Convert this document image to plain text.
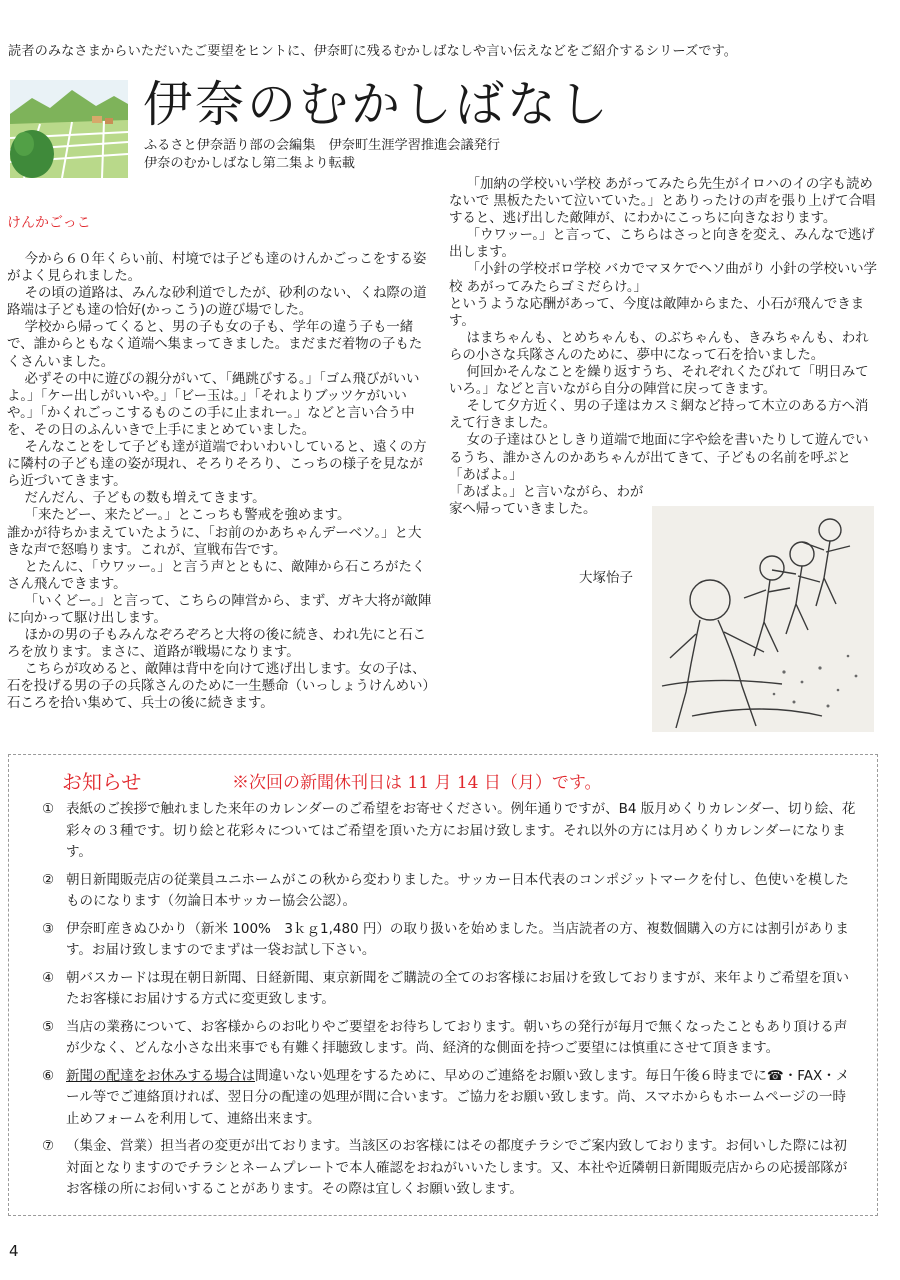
読者のみなさまからいただいたご要望をヒントに、伊奈町に残るむかしばなしや言い伝えなどをご紹介するシリーズです。
伊奈のむかしばなし
ふるさと伊奈語り部の会編集　伊奈町生涯学習推進会議発行
伊奈のむかしばなし第二集より転載
けんかごっこ

今から６０年くらい前、村境では子ども達のけんかごっこをする姿がよく見られました。

その頃の道路は、みんな砂利道でしたが、砂利のない、くね際の道路端は子ども達の恰好(かっこう)の遊び場でした。

学校から帰ってくると、男の子も女の子も、学年の違う子も一緒で、誰からともなく道端へ集まってきました。まだまだ着物の子もたくさんいました。

必ずその中に遊びの親分がいて、「縄跳びする。」「ゴム飛びがいいよ。」「ケー出しがいいや。」「ビー玉は。」「それよりブッツケがいいや。」「かくれごっこするものこの手に止まれー。」などと言い合う中を、その日のふんいきで上手にまとめていました。

そんなことをして子ども達が道端でわいわいしていると、遠くの方に隣村の子ども達の姿が現れ、そろりそろり、こっちの様子を見ながら近づいてきます。

だんだん、子どもの数も増えてきます。

「来たどー、来たどー。」とこっちも警戒を強めます。

誰かが待ちかまえていたように、「お前のかあちゃんデーベソ。」と大きな声で怒鳴ります。これが、宣戦布告です。

とたんに、「ウワッー。」と言う声とともに、敵陣から石ころがたくさん飛んできます。

「いくどー。」と言って、こちらの陣営から、まず、ガキ大将が敵陣に向かって駆け出します。

ほかの男の子もみんなぞろぞろと大将の後に続き、われ先にと石ころを放ります。まさに、道路が戦場になります。

こちらが攻めると、敵陣は背中を向けて逃げ出します。女の子は、石を投げる男の子の兵隊さんのために一生懸命（いっしょうけんめい）石ころを拾い集めて、兵士の後に続きます。

「加納の学校いい学校 あがってみたら先生がイロハのイの字も読めないで 黒板たたいて泣いていた。」とありったけの声を張り上げて合唱すると、逃げ出した敵陣が、にわかにこっちに向きなおります。

「ウワッー。」と言って、こちらはさっと向きを変え、みんなで逃げ出します。

「小針の学校ボロ学校 バカでマヌケでヘソ曲がり 小針の学校いい学校 あがってみたらゴミだらけ。」

というような応酬があって、今度は敵陣からまた、小石が飛んできます。

はまちゃんも、とめちゃんも、のぶちゃんも、きみちゃんも、われらの小さな兵隊さんのために、夢中になって石を拾いました。

何回かそんなことを繰り返すうち、それぞれくたびれて「明日みていろ。」などと言いながら自分の陣営に戻ってきます。

そして夕方近く、男の子達はカスミ網など持って木立のある方へ消えて行きました。

女の子達はひとしきり道端で地面に字や絵を書いたりして遊んでいるうち、誰かさんのかあちゃんが出てきて、子どもの名前を呼ぶと「あばよ。」

「あばよ。」と言いながら、わが家へ帰っていきました。

大塚怡子
お知らせ	※次回の新聞休刊日は 11 月 14 日（月）です。
① 表紙のご挨拶で触れました来年のカレンダーのご希望をお寄せください。例年通りですが、B4 版月めくりカレンダー、切り絵、花彩々の３種です。切り絵と花彩々についてはご希望を頂いた方にお届け致します。それ以外の方には月めくりカレンダーになります。
② 朝日新聞販売店の従業員ユニホームがこの秋から変わりました。サッカー日本代表のコンポジットマークを付し、色使いを模したものになります（勿論日本サッカー協会公認）。
③ 伊奈町産きぬひかり（新米 100%　3ｋｇ1,480 円）の取り扱いを始めました。当店読者の方、複数個購入の方には割引があります。お届け致しますのでまずは一袋お試し下さい。
④ 朝バスカードは現在朝日新聞、日経新聞、東京新聞をご購読の全てのお客様にお届けを致しておりますが、来年よりご希望を頂いたお客様にお届けする方式に変更致します。
⑤ 当店の業務について、お客様からのお叱りやご要望をお待ちしております。朝いちの発行が毎月で無くなったこともあり頂ける声が少なく、どんな小さな出来事でも有難く拝聴致します。尚、経済的な側面を持つご要望には慎重にさせて頂きます。
⑥ 新聞の配達をお休みする場合は間違いない処理をするために、早めのご連絡をお願い致します。毎日午後６時までに☎・FAX・メール等でご連絡頂ければ、翌日分の配達の処理が間に合います。ご協力をお願い致します。尚、スマホからもホームページの一時止めフォームを利用して、連絡出来ます。
⑦ （集金、営業）担当者の変更が出ております。当該区のお客様にはその都度チラシでご案内致しております。お伺いした際には初対面となりますのでチラシとネームプレートで本人確認をおねがいいたします。又、本社や近隣朝日新聞販売店からの応援部隊がお客様の所にお伺いすることがあります。その際は宜しくお願い致します。
4
